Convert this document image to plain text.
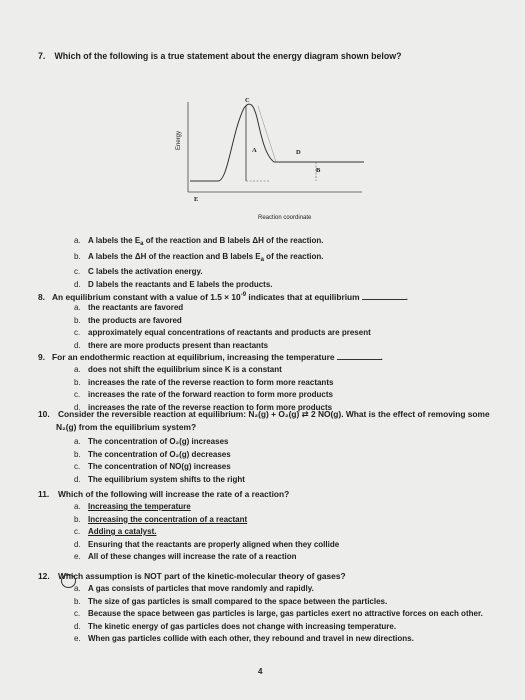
7. Which of the following is a true statement about the energy diagram shown below?
C
A	D
B
E
Energy
Reaction coordinate
a. A labels the $E_a$ of the reaction and B labels ΔH of the reaction.
b. A labels the ΔH of the reaction and B labels $E_a$ of the reaction.
c. C labels the activation energy.
d. D labels the reactants and E labels the products.
8. An equilibrium constant with a value of $1.5 \times 10^{-9}$ indicates that at equilibrium	.
a. the reactants are favored
b. the products are favored
c. approximately equal concentrations of reactants and products are present
d. there are more products present than reactants
9. For an endothermic reaction at equilibrium, increasing the temperature	.
a. does not shift the equilibrium since K is a constant
b. increases the rate of the reverse reaction to form more reactants
c. increases the rate of the forward reaction to form more products
d. increases the rate of the reverse reaction to form more products
10. Consider the reversible reaction at equilibrium: N₂(g) + O₂(g) ⇄ 2 NO(g). What is the effect of removing some
N₂(g) from the equilibrium system?
a. The concentration of O₂(g) increases
b. The concentration of O₂(g) decreases
c. The concentration of NO(g) increases
d. The equilibrium system shifts to the right
11. Which of the following will increase the rate of a reaction?
a. Increasing the temperature
b. Increasing the concentration of a reactant
c. Adding a catalyst.
d. Ensuring that the reactants are properly aligned when they collide
e. All of these changes will increase the rate of a reaction
12. Which assumption is NOT part of the kinetic-molecular theory of gases?
a. A gas consists of particles that move randomly and rapidly.
b. The size of gas particles is small compared to the space between the particles.
c. Because the space between gas particles is large, gas particles exert no attractive forces on each other.
d. The kinetic energy of gas particles does not change with increasing temperature.
e. When gas particles collide with each other, they rebound and travel in new directions.
4
